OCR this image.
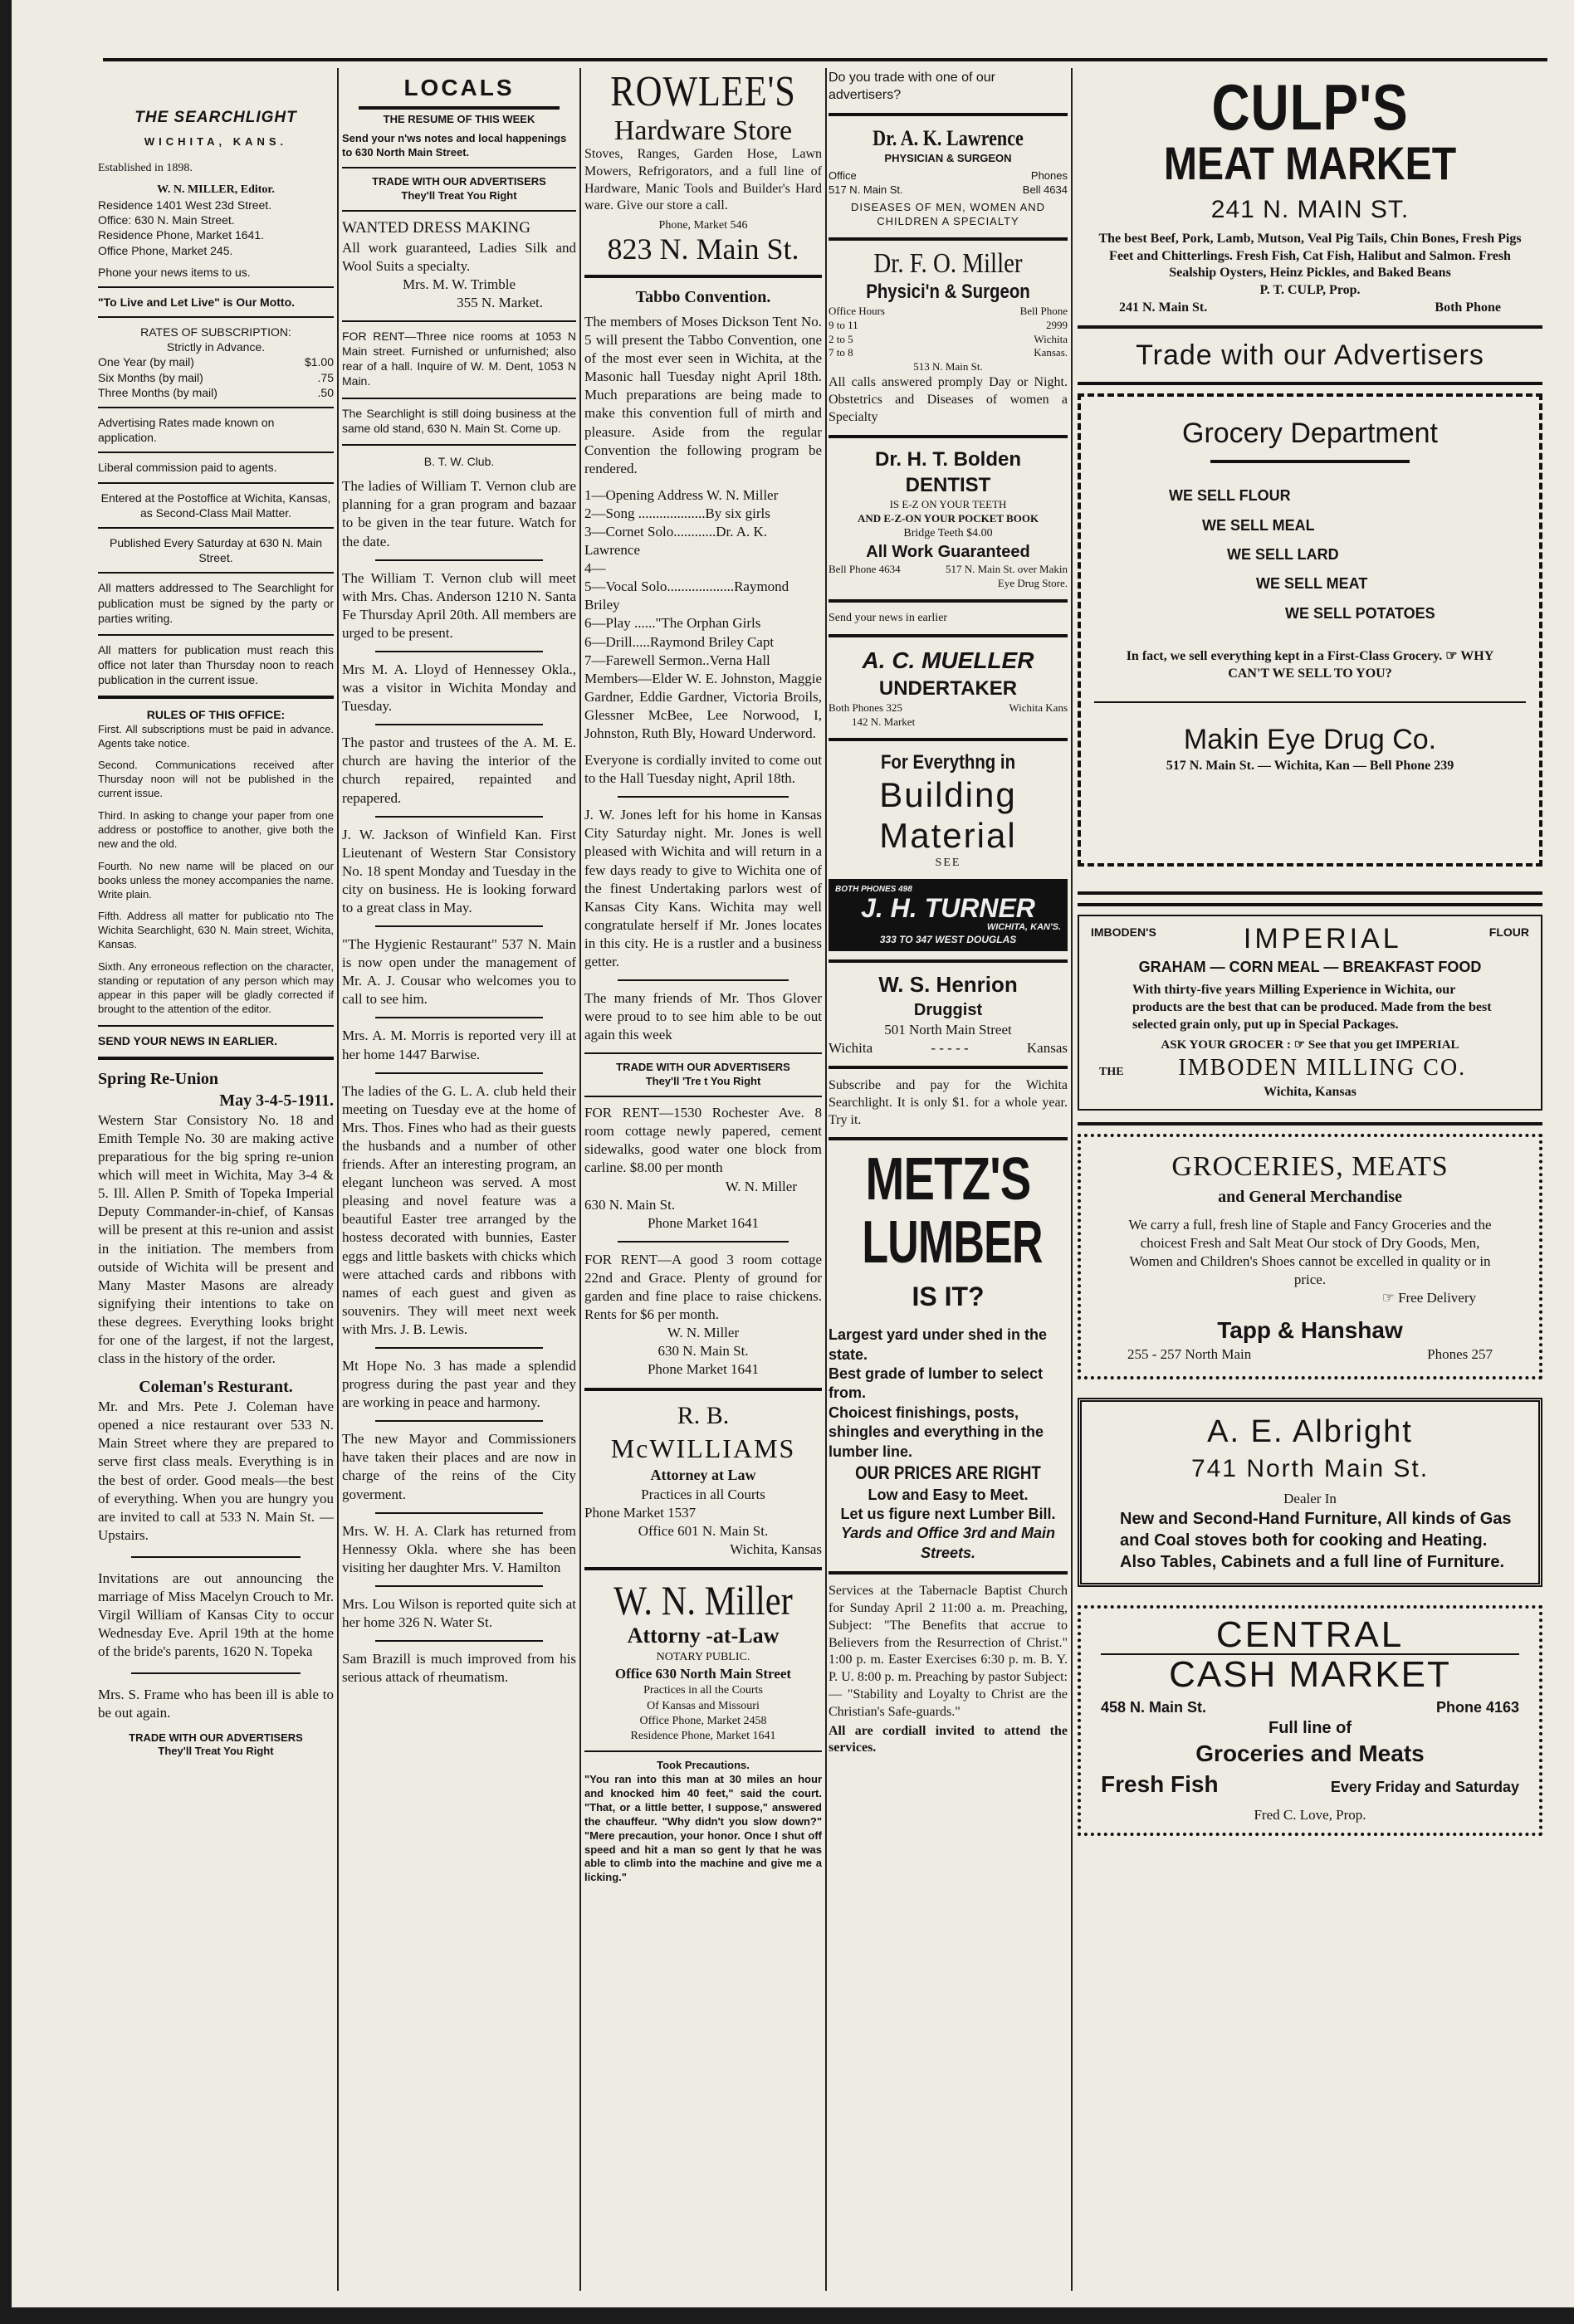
THE SEARCHLIGHT
WICHITA, KANS.
Established in 1898.
W. N. MILLER, Editor.
Residence 1401 West 23d Street.
Office: 630 N. Main Street.
Residence Phone, Market 1641.
Office Phone, Market 245.
Phone your news items to us.
"To Live and Let Live" is Our Motto.
RATES OF SUBSCRIPTION:
Strictly in Advance.
One Year (by mail)	$1.00
Six Months (by mail)	.75
Three Months (by mail)	.50
Advertising Rates made known on application.
Liberal commission paid to agents.
Entered at the Postoffice at Wichita, Kansas, as Second-Class Mail Matter.
Published Every Saturday at 630 N. Main Street.

All matters addressed to The Searchlight for publication must be signed by the party or parties writing.

All matters for publication must reach this office not later than Thursday noon to reach publication in the current issue.

RULES OF THIS OFFICE:

First. All subscriptions must be paid in advance. Agents take notice.

Second. Communications received after Thursday noon will not be published in the current issue.

Third. In asking to change your paper from one address or postoffice to another, give both the new and the old.

Fourth. No new name will be placed on our books unless the money accompanies the name. Write plain.

Fifth. Address all matter for publicatio nto The Wichita Searchlight, 630 N. Main street, Wichita, Kansas.

Sixth. Any erroneous reflection on the character, standing or reputation of any person which may appear in this paper will be gladly corrected if brought to the attention of the editor.

SEND YOUR NEWS IN EARLIER.
Spring Re-Union
May 3-4-5-1911.

Western Star Consistory No. 18 and Emith Temple No. 30 are making active preparatious for the big spring re-union which will meet in Wichita, May 3-4 & 5. Ill. Allen P. Smith of Topeka Imperial Deputy Commander-in-chief, of Kansas will be present at this re-union and assist in the initiation. The members from outside of Wichita will be present and Many Master Masons are already signifying their intentions to take on these degrees. Everything looks bright for one of the largest, if not the largest, class in the history of the order.

Coleman's Resturant.

Mr. and Mrs. Pete J. Coleman have opened a nice restaurant over 533 N. Main Street where they are prepared to serve first class meals. Everything is in the best of order. Good meals—the best of everything. When you are hungry you are invited to call at 533 N. Main St. —Upstairs.

Invitations are out announcing the marriage of Miss Macelyn Crouch to Mr. Virgil William of Kansas City to occur Wednesday Eve. April 19th at the home of the bride's parents, 1620 N. Topeka

Mrs. S. Frame who has been ill is able to be out again.

TRADE WITH OUR ADVERTISERS
They'll Treat You Right
LOCALS
THE RESUME OF THIS WEEK
Send your n'ws notes and local happenings to 630 North Main Street.
TRADE WITH OUR ADVERTISERS
They'll Treat You Right
WANTED DRESS MAKING

All work guaranteed, Ladies Silk and Wool Suits a specialty.

Mrs. M. W. Trimble
355 N. Market.

FOR RENT—Three nice rooms at 1053 N Main street. Furnished or unfurnished; also rear of a hall. Inquire of W. M. Dent, 1053 N Main.

The Searchlight is still doing business at the same old stand, 630 N. Main St. Come up.

B. T. W. Club.

The ladies of William T. Vernon club are planning for a gran program and bazaar to be given in the tear future. Watch for the date.

The William T. Vernon club will meet with Mrs. Chas. Anderson 1210 N. Santa Fe Thursday April 20th. All members are urged to be present.

Mrs M. A. Lloyd of Hennessey Okla., was a visitor in Wichita Monday and Tuesday.

The pastor and trustees of the A. M. E. church are having the interior of the church repaired, repainted and repapered.

J. W. Jackson of Winfield Kan. First Lieutenant of Western Star Consistory No. 18 spent Monday and Tuesday in the city on business. He is looking forward to a great class in May.

"The Hygienic Restaurant" 537 N. Main is now open under the management of Mr. A. J. Cousar who welcomes you to call to see him.

Mrs. A. M. Morris is reported very ill at her home 1447 Barwise.

The ladies of the G. L. A. club held their meeting on Tuesday eve at the home of Mrs. Thos. Fines who had as their guests the husbands and a number of other friends. After an interesting program, an elegant luncheon was served. A most pleasing and novel feature was a beautiful Easter tree arranged by the hostess decorated with bunnies, Easter eggs and little baskets with chicks which were attached cards and ribbons with names of each guest and given as souvenirs. They will meet next week with Mrs. J. B. Lewis.

Mt Hope No. 3 has made a splendid progress during the past year and they are working in peace and harmony.

The new Mayor and Commissioners have taken their places and are now in charge of the reins of the City goverment.

Mrs. W. H. A. Clark has returned from Hennessy Okla. where she has been visiting her daughter Mrs. V. Hamilton

Mrs. Lou Wilson is reported quite sich at her home 326 N. Water St.

Sam Brazill is much improved from his serious attack of rheumatism.

ROWLEE'S
Hardware Store

Stoves, Ranges, Garden Hose, Lawn Mowers, Refrigorators, and a full line of Hardware, Manic Tools and Builder's Hard ware. Give our store a call.

Phone, Market 546
823 N. Main St.
Tabbo Convention.

The members of Moses Dickson Tent No. 5 will present the Tabbo Convention, one of the most ever seen in Wichita, at the Masonic hall Tuesday night April 18th. Much preparations are being made to make this convention full of mirth and pleasure. Aside from the regular Convention the following program be rendered.

1—Opening Address W. N. Miller
2—Song ...................By six girls
3—Cornet Solo............Dr. A. K. Lawrence
4—
5—Vocal Solo...................Raymond Briley
6—Play ......"The Orphan Girls
6—Drill.....Raymond Briley Capt
7—Farewell Sermon..Verna Hall

Members—Elder W. E. Johnston, Maggie Gardner, Eddie Gardner, Victoria Broils, Glessner McBee, Lee Norwood, I, Johnston, Ruth Bly, Howard Underword.

Everyone is cordially invited to come out to the Hall Tuesday night, April 18th.

J. W. Jones left for his home in Kansas City Saturday night. Mr. Jones is well pleased with Wichita and will return in a few days ready to give to Wichita one of the finest Undertaking parlors west of Kansas City Kans. Wichita may well congratulate herself if Mr. Jones locates in this city. He is a rustler and a business getter.

The many friends of Mr. Thos Glover were proud to to see him able to be out again this week

TRADE WITH OUR ADVERTISERS
They'll 'Tre t You Right

FOR RENT—1530 Rochester Ave. 8 room cottage newly papered, cement sidewalks, good water one block from carline. $8.00 per month

W. N. Miller
630 N. Main St.
Phone Market 1641

FOR RENT—A good 3 room cottage 22nd and Grace. Plenty of ground for garden and fine place to raise chickens. Rents for $6 per month.

W. N. Miller
630 N. Main St.
Phone Market 1641
R. B.
McWILLIAMS
Attorney at Law
Practices in all Courts
Phone Market 1537
Office 601 N. Main St.
Wichita, Kansas
W. N. Miller
Attorny -at-Law
NOTARY PUBLIC.
Office 630 North Main Street
Practices in all the Courts
Of Kansas and Missouri
Office Phone, Market 2458
Residence Phone, Market 1641
Took Precautions.

"You ran into this man at 30 miles an hour and knocked him 40 feet," said the court. "That, or a little better, I suppose," answered the chauffeur. "Why didn't you slow down?" "Mere precaution, your honor. Once I shut off speed and hit a man so gent ly that he was able to climb into the machine and give me a licking."

Do you trade with one of our advertisers?
Dr. A. K. Lawrence
PHYSICIAN & SURGEON
Office	Phones
517 N. Main St.	Bell 4634
DISEASES OF MEN, WOMEN AND CHILDREN A SPECIALTY
Dr. F. O. Miller
Physici'n & Surgeon
Office Hours	Bell Phone
9 to 11	2999
2 to 5	Wichita
7 to 8	Kansas.
513 N. Main St.

All calls answered promply Day or Night. Obstetrics and Diseases of women a Specialty

Dr. H. T. Bolden
DENTIST
IS E-Z ON YOUR TEETH
AND E-Z-ON YOUR POCKET BOOK
Bridge Teeth $4.00
All Work Guaranteed
Bell Phone 4634	517 N. Main St. over Makin Eye Drug Store.
Send your news in earlier
A. C. MUELLER
UNDERTAKER
Both Phones 325	Wichita Kans
142 N. Market
For Everythng in
Building
Material
SEE
BOTH PHONES 498
J. H. TURNER
WICHITA, KAN'S.
333 TO 347 WEST DOUGLAS
W. S. Henrion
Druggist
501 North Main Street
Wichita	- - - - -	Kansas

Subscribe and pay for the Wichita Searchlight. It is only $1. for a whole year. Try it.

METZ'S
LUMBER
IS IT?
Largest yard under shed in the state.
Best grade of lumber to select from.
Choicest finishings, posts, shingles and everything in the lumber line.
OUR PRICES ARE RIGHT
Low and Easy to Meet.
Let us figure next Lumber Bill.
Yards and Office 3rd and Main Streets.

Services at the Tabernacle Baptist Church for Sunday April 2 11:00 a. m. Preaching, Subject: "The Benefits that accrue to Believers from the Resurrection of Christ." 1:00 p. m. Easter Exercises 6:30 p. m. B. Y. P. U. 8:00 p. m. Preaching by pastor Subject:— "Stability and Loyalty to Christ are the Christian's Safe-guards."

All are cordiall invited to attend the services.

CULP'S
MEAT MARKET
241 N. MAIN ST.
The best Beef, Pork, Lamb, Mutson, Veal Pig Tails, Chin Bones, Fresh Pigs Feet and Chitterlings. Fresh Fish, Cat Fish, Halibut and Salmon. Fresh Sealship Oysters, Heinz Pickles, and Baked Beans
P. T. CULP, Prop.
241 N. Main St.	Both Phone
Trade with our Advertisers
Grocery Department
WE SELL FLOUR
WE SELL MEAL
WE SELL LARD
WE SELL MEAT
WE SELL POTATOES
In fact, we sell everything kept in a First-Class Grocery. ☞ WHY CAN'T WE SELL TO YOU?
Makin Eye Drug Co.
517 N. Main St. — Wichita, Kan — Bell Phone 239
IMBODEN'S	IMPERIAL	FLOUR
GRAHAM — CORN MEAL — BREAKFAST FOOD
With thirty-five years Milling Experience in Wichita, our products are the best that can be produced. Made from the best selected grain only, put up in Special Packages.
ASK YOUR GROCER : ☞ See that you get IMPERIAL
THE IMBODEN MILLING CO.
Wichita, Kansas
GROCERIES, MEATS
and General Merchandise
We carry a full, fresh line of Staple and Fancy Groceries and the choicest Fresh and Salt Meat Our stock of Dry Goods, Men, Women and Children's Shoes cannot be excelled in quality or in price.
☞ Free Delivery
Tapp & Hanshaw
255 - 257 North Main	Phones 257
A. E. Albright
741 North Main St.
Dealer In
New and Second-Hand Furniture, All kinds of Gas and Coal stoves both for cooking and Heating. Also Tables, Cabinets and a full line of Furniture.
CENTRAL
CASH MARKET
458 N. Main St.	Phone 4163
Full line of
Groceries and Meats
Fresh Fish	Every Friday and Saturday
Fred C. Love, Prop.
